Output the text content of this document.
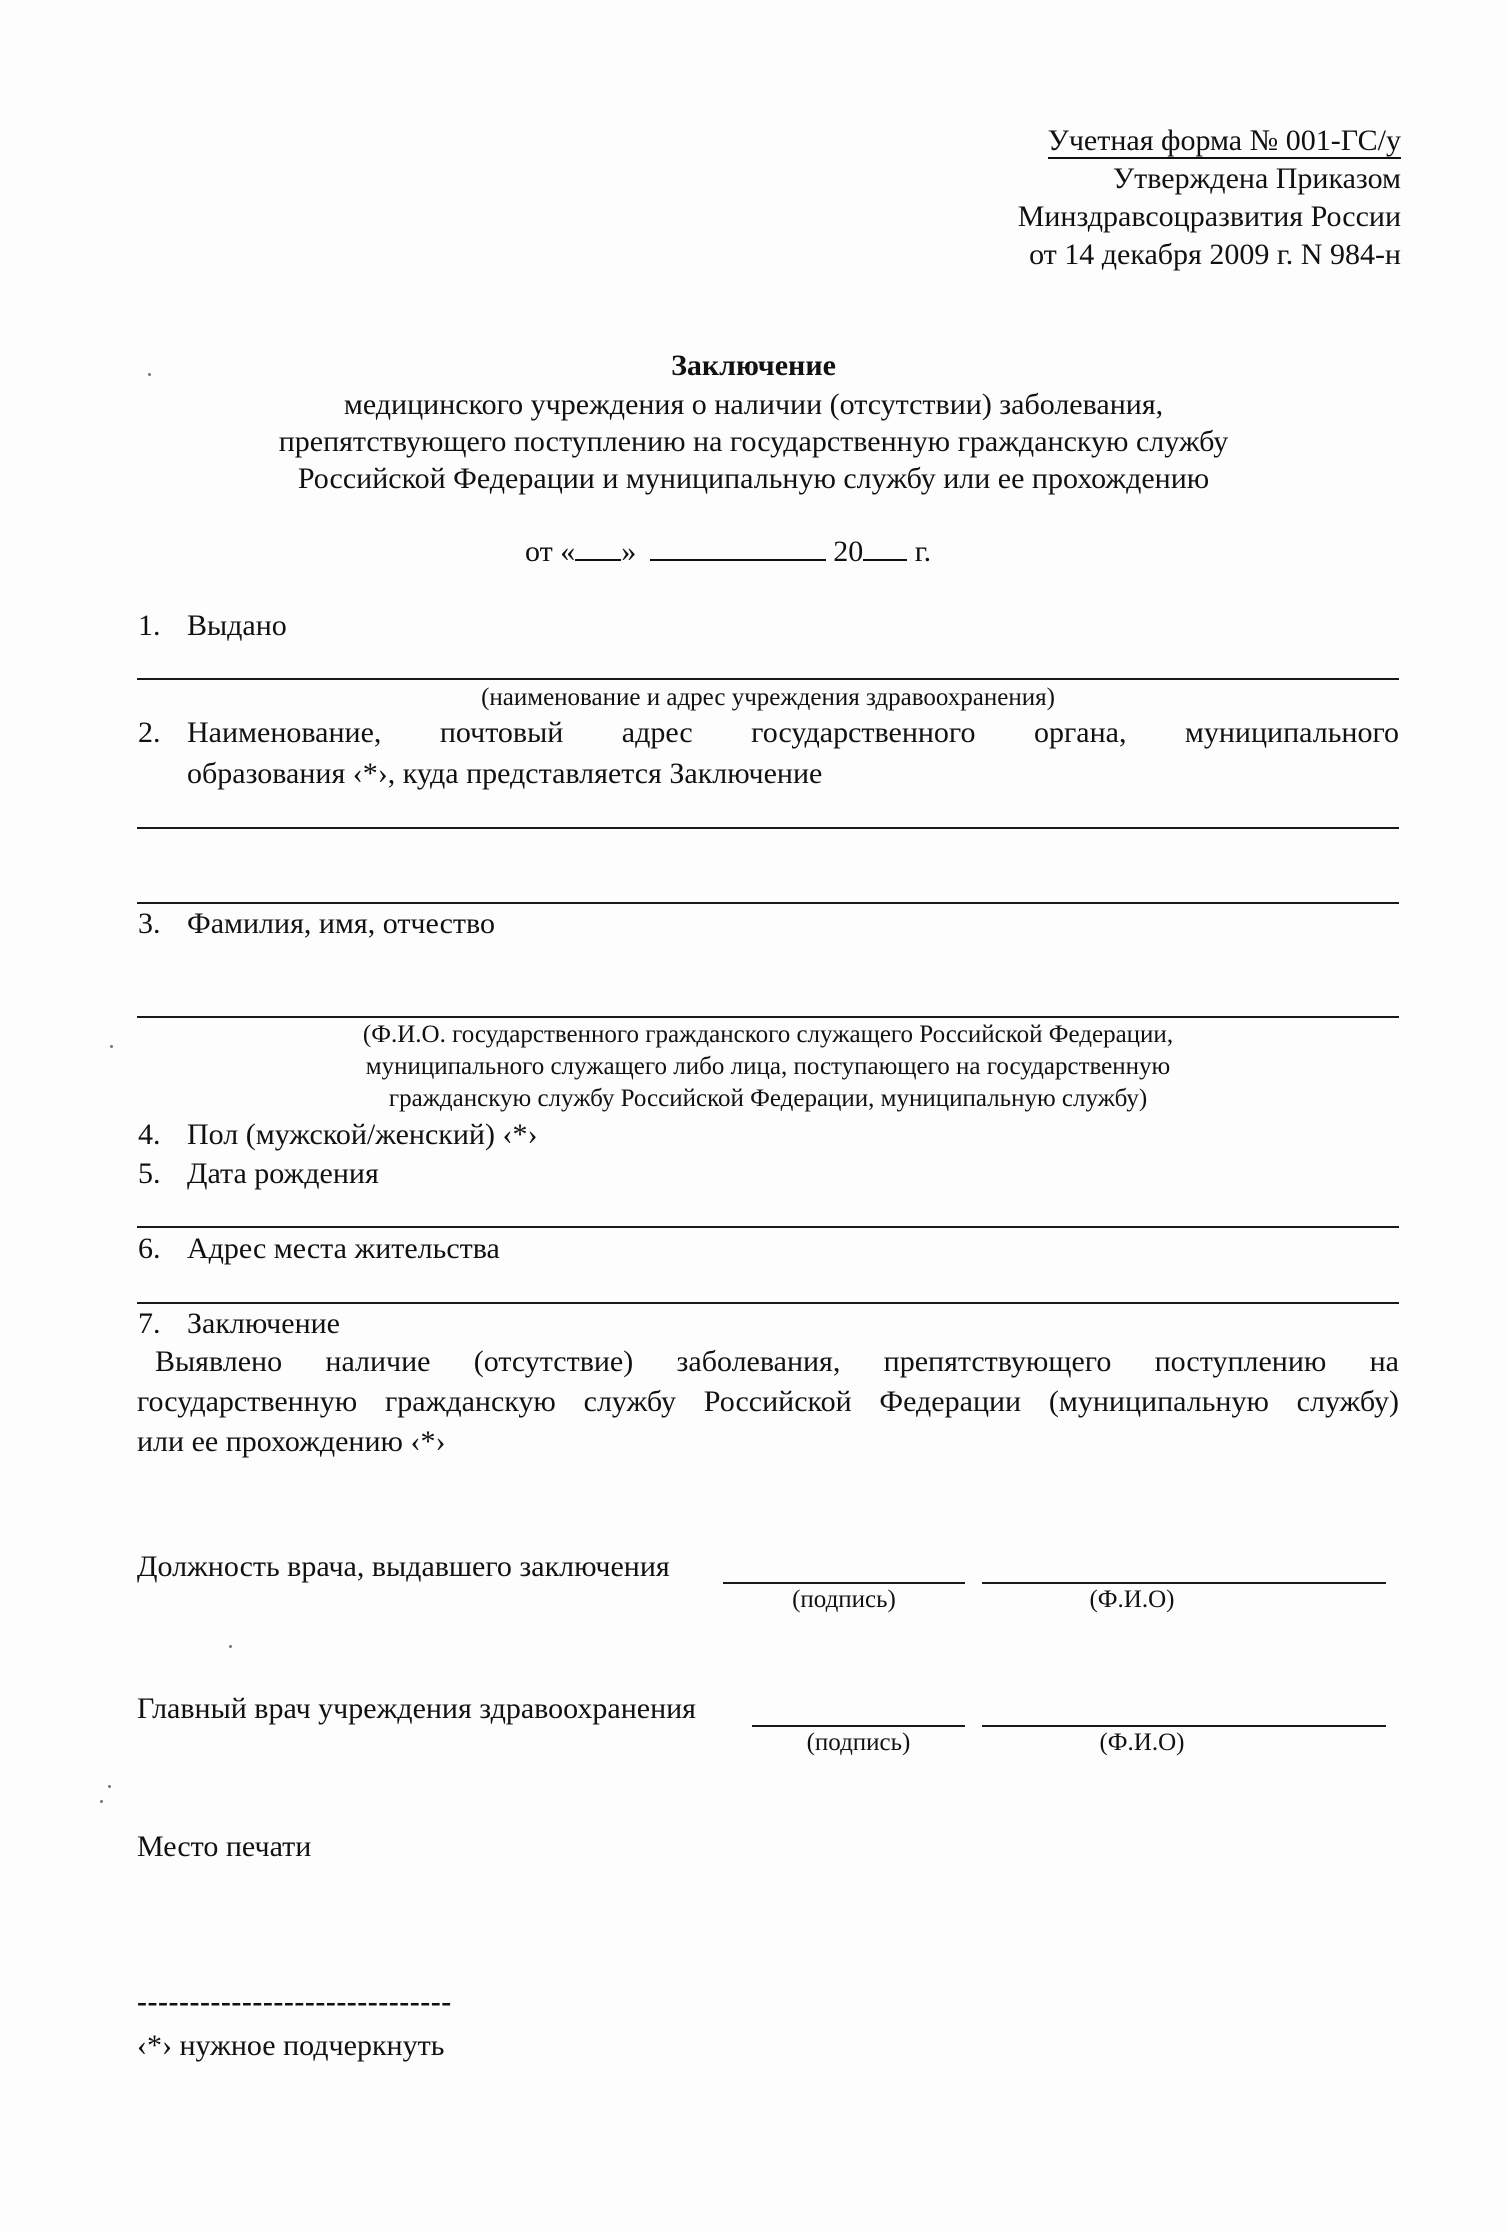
Учетная форма № 001-ГС/у
Утверждена Приказом
Минздравсоцразвития России
от 14 декабря 2009 г. N 984-н
Заключение
медицинского учреждения о наличии (отсутствии) заболевания,
препятствующего поступлению на государственную гражданскую службу
Российской Федерации и муниципальную службу или ее прохождению
от « »	20 г.
1. Выдано
(наименование и адрес учреждения здравоохранения)
2. Наименование, почтовый адрес государственного органа, муниципального
образования ‹*›, куда представляется Заключение
3. Фамилия, имя, отчество
(Ф.И.О. государственного гражданского служащего Российской Федерации,
муниципального служащего либо лица, поступающего на государственную
гражданскую службу Российской Федерации, муниципальную службу)
4. Пол (мужской/женский) ‹*›
5. Дата рождения
6. Адрес места жительства
7. Заключение
Выявлено наличие (отсутствие) заболевания, препятствующего поступлению на
государственную гражданскую службу Российской Федерации (муниципальную службу)
или ее прохождению ‹*›
Должность врача, выдавшего заключения
(подпись)	(Ф.И.О)
Главный врач учреждения здравоохранения
(подпись)	(Ф.И.О)
Место печати
------------------------------
‹*› нужное подчеркнуть
